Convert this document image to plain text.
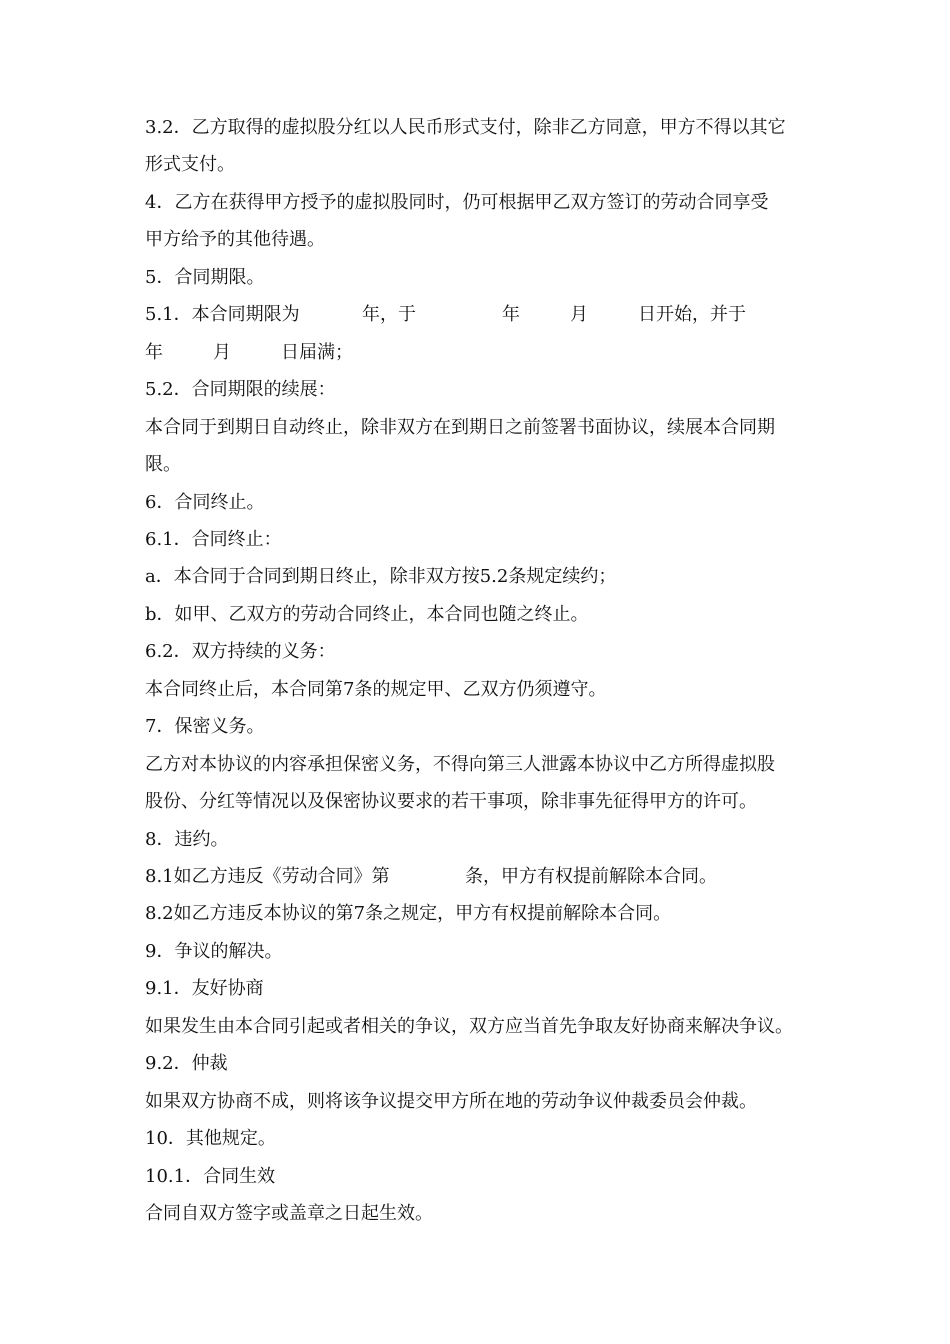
3.2．乙方取得的虚拟股分红以人民币形式支付，除非乙方同意，甲方不得以其它
形式支付。
4．乙方在获得甲方授予的虚拟股同时，仍可根据甲乙双方签订的劳动合同享受
甲方给予的其他待遇。
5．合同期限。
5.2．合同期限的续展：
本合同于到期日自动终止，除非双方在到期日之前签署书面协议，续展本合同期
限。
6．合同终止。
6.1．合同终止：
a．本合同于合同到期日终止，除非双方按5.2条规定续约；
b．如甲、乙双方的劳动合同终止，本合同也随之终止。
6.2．双方持续的义务：
本合同终止后，本合同第7条的规定甲、乙双方仍须遵守。
7．保密义务。
乙方对本协议的内容承担保密义务，不得向第三人泄露本协议中乙方所得虚拟股
股份、分红等情况以及保密协议要求的若干事项，除非事先征得甲方的许可。
8．违约。
8.2如乙方违反本协议的第7条之规定，甲方有权提前解除本合同。
9．争议的解决。
9.1．友好协商
如果发生由本合同引起或者相关的争议，双方应当首先争取友好协商来解决争议。
9.2．仲裁
如果双方协商不成，则将该争议提交甲方所在地的劳动争议仲裁委员会仲裁。
10．其他规定。
10.1．合同生效
合同自双方签字或盖章之日起生效。
5.1．本合同期限为	年，于	年	月	日开始，并于
年	月	日届满；
8.1如乙方违反《劳动合同》第	条，甲方有权提前解除本合同。
